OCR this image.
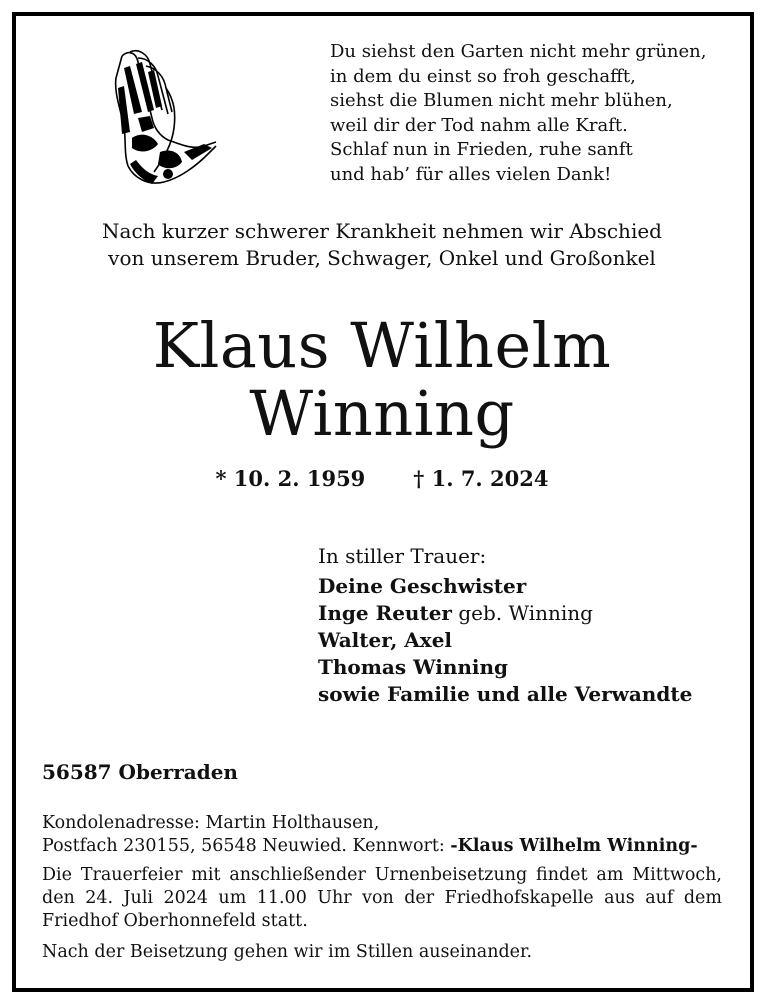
Du siehst den Garten nicht mehr grünen,
in dem du einst so froh geschafft,
siehst die Blumen nicht mehr blühen,
weil dir der Tod nahm alle Kraft.
Schlaf nun in Frieden, ruhe sanft
und hab’ für alles vielen Dank!
Nach kurzer schwerer Krankheit nehmen wir Abschied
von unserem Bruder, Schwager, Onkel und Großonkel
Klaus Wilhelm
Winning
* 10. 2. 1959 † 1. 7. 2024
In stiller Trauer:
Deine Geschwister
Inge Reuter geb. Winning
Walter, Axel
Thomas Winning
sowie Familie und alle Verwandte
56587 Oberraden

Kondolenadresse: Martin Holthausen,

Postfach 230155, 56548 Neuwied. Kennwort: -Klaus Wilhelm Winning-

Die Trauerfeier mit anschließender Urnenbeisetzung findet am Mittwoch, den 24. Juli 2024 um 11.00 Uhr von der Friedhofskapelle aus auf dem Friedhof Oberhonnefeld statt.

Nach der Beisetzung gehen wir im Stillen auseinander.
